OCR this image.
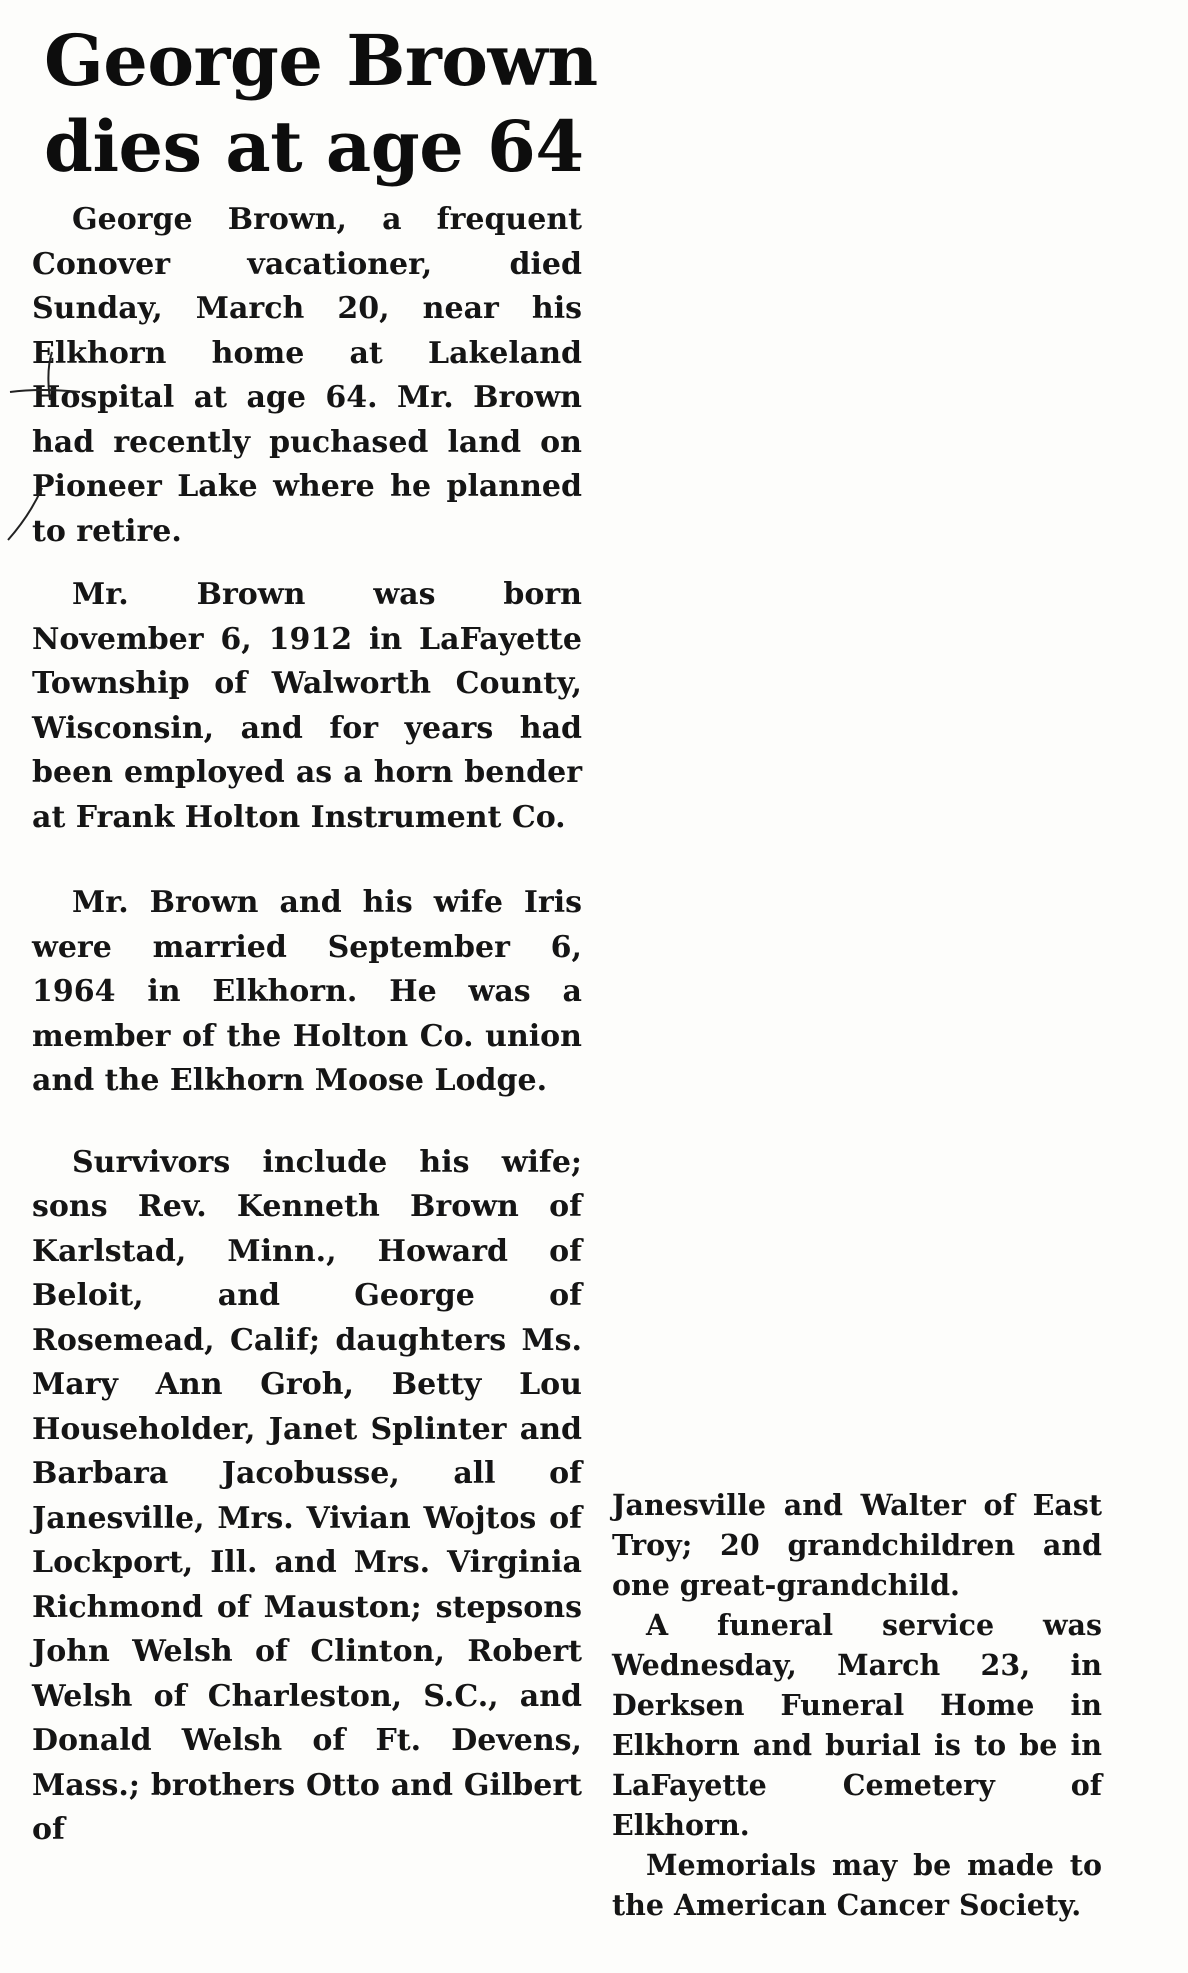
George Brown dies at age 64

George Brown, a frequent Conover vacationer, died Sunday, March 20, near his Elkhorn home at Lakeland Hospital at age 64. Mr. Brown had recently puchased land on Pioneer Lake where he planned to retire.

Mr. Brown was born November 6, 1912 in LaFayette Township of Walworth County, Wisconsin, and for years had been employed as a horn bender at Frank Holton Instrument Co.

Mr. Brown and his wife Iris were married September 6, 1964 in Elkhorn. He was a member of the Holton Co. union and the Elkhorn Moose Lodge.

Survivors include his wife; sons Rev. Kenneth Brown of Karlstad, Minn., Howard of Beloit, and George of Rosemead, Calif; daughters Ms. Mary Ann Groh, Betty Lou Householder, Janet Splinter and Barbara Jacobusse, all of Janesville, Mrs. Vivian Wojtos of Lockport, Ill. and Mrs. Virginia Richmond of Mauston; stepsons John Welsh of Clinton, Robert Welsh of Charleston, S.C., and Donald Welsh of Ft. Devens, Mass.; brothers Otto and Gilbert of

Janesville and Walter of East Troy; 20 grandchildren and one great-grandchild.

A funeral service was Wednesday, March 23, in Derksen Funeral Home in Elkhorn and burial is to be in LaFayette Cemetery of Elkhorn.

Memorials may be made to the American Cancer Society.
